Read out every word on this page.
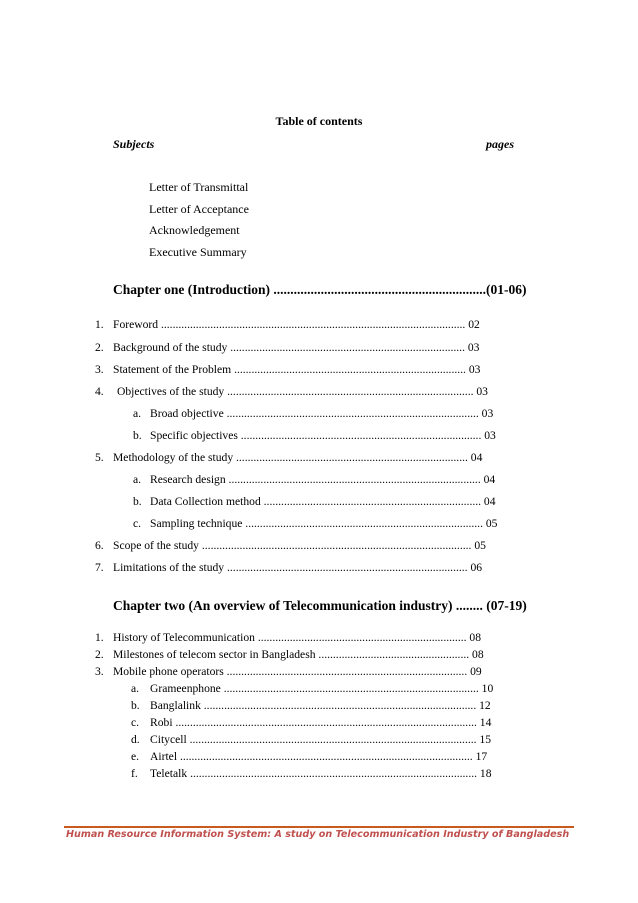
Table of contents
Subjects	pages
Letter of Transmittal
Letter of Acceptance
Acknowledgement
Executive Summary
Chapter one (Introduction) ...............................................................(01-06)
1. Foreword ......................................................................................................... 02
2. Background of the study ................................................................................. 03
3. Statement of the Problem ................................................................................ 03
4. Objectives of the study ..................................................................................... 03
a. Broad objective ....................................................................................... 03
b. Specific objectives ................................................................................... 03
5. Methodology of the study ................................................................................ 04
a. Research design ....................................................................................... 04
b. Data Collection method ........................................................................... 04
c. Sampling technique .................................................................................. 05
6. Scope of the study ............................................................................................. 05
7. Limitations of the study ................................................................................... 06
Chapter two (An overview of Telecommunication industry) ........ (07-19)
1. History of Telecommunication ........................................................................ 08
2. Milestones of telecom sector in Bangladesh .................................................... 08
3. Mobile phone operators ................................................................................... 09
a. Grameenphone ........................................................................................ 10
b. Banglalink .............................................................................................. 12
c. Robi ........................................................................................................ 14
d. Citycell ................................................................................................... 15
e. Airtel ..................................................................................................... 17
f. Teletalk ................................................................................................... 18
Human Resource Information System: A study on Telecommunication Industry of Bangladesh
